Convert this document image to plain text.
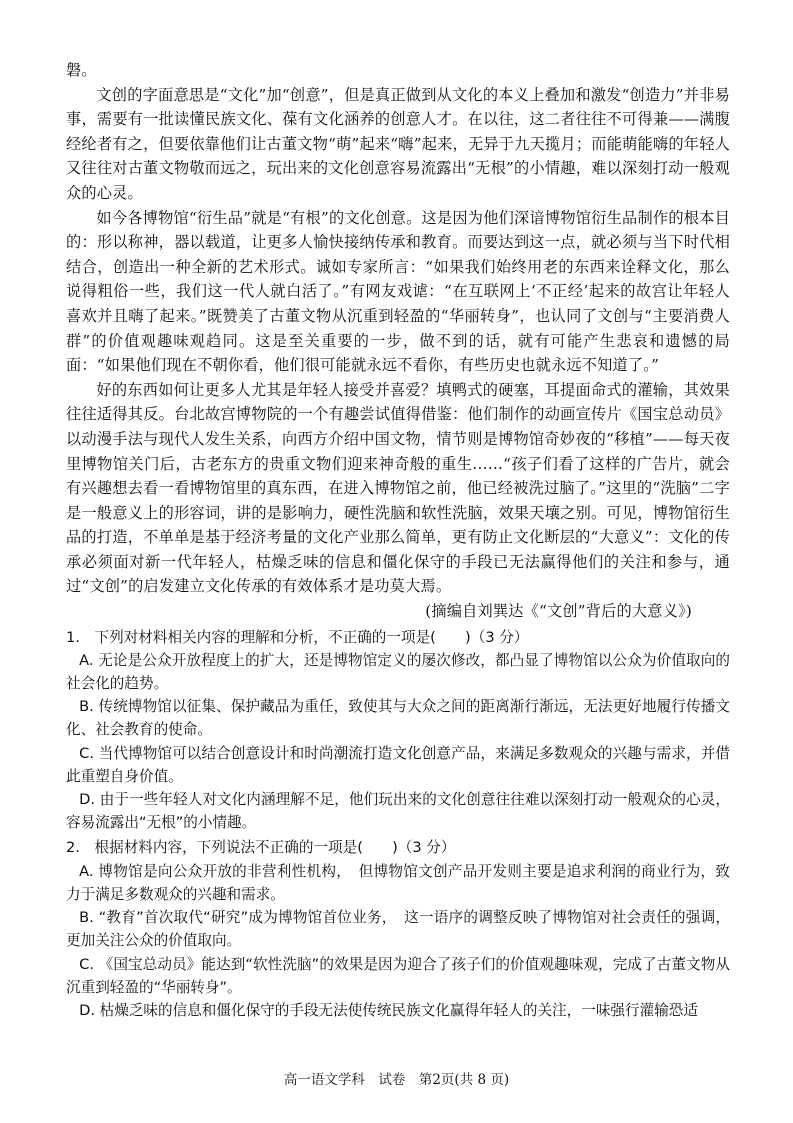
磐。

文创的字面意思是“文化”加“创意”，但是真正做到从文化的本义上叠加和激发“创造力”并非易事，需要有一批读懂民族文化、葆有文化涵养的创意人才。在以往，这二者往往不可得兼——满腹经纶者有之，但要依靠他们让古董文物“萌”起来“嗨”起来，无异于九天揽月；而能萌能嗨的年轻人又往往对古董文物敬而远之，玩出来的文化创意容易流露出“无根”的小情趣，难以深刻打动一般观众的心灵。

如今各博物馆“衍生品”就是“有根”的文化创意。这是因为他们深谙博物馆衍生品制作的根本目的：形以称神，器以载道，让更多人愉快接纳传承和教育。而要达到这一点，就必须与当下时代相结合，创造出一种全新的艺术形式。诚如专家所言：“如果我们始终用老的东西来诠释文化，那么说得粗俗一些，我们这一代人就白活了。”有网友戏谑：“在互联网上‘不正经’起来的故宫让年轻人喜欢并且嗨了起来。”既赞美了古董文物从沉重到轻盈的“华丽转身”，也认同了文创与“主要消费人群”的价值观趣味观趋同。这是至关重要的一步，做不到的话，就有可能产生悲哀和遗憾的局面：“如果他们现在不朝你看，他们很可能就永远不看你，有些历史也就永远不知道了。”

好的东西如何让更多人尤其是年轻人接受并喜爱？填鸭式的硬塞，耳提面命式的灌输，其效果往往适得其反。台北故宫博物院的一个有趣尝试值得借鉴：他们制作的动画宣传片《国宝总动员》以动漫手法与现代人发生关系，向西方介绍中国文物，情节则是博物馆奇妙夜的“移植”——每天夜里博物馆关门后，古老东方的贵重文物们迎来神奇般的重生……“孩子们看了这样的广告片，就会有兴趣想去看一看博物馆里的真东西，在进入博物馆之前，他已经被洗过脑了。”这里的“洗脑”二字是一般意义上的形容词，讲的是影响力，硬性洗脑和软性洗脑，效果天壤之别。可见，博物馆衍生品的打造，不单单是基于经济考量的文化产业那么简单，更有防止文化断层的“大意义”：文化的传承必须面对新一代年轻人，枯燥乏味的信息和僵化保守的手段已无法赢得他们的关注和参与，通过“文创”的启发建立文化传承的有效体系才是功莫大焉。

(摘编自刘巽达《“文创”背后的大意义》)

1.　下列对材料相关内容的理解和分析，不正确的一项是(　　)（3 分）

A. 无论是公众开放程度上的扩大，还是博物馆定义的屡次修改，都凸显了博物馆以公众为价值取向的社会化的趋势。

B. 传统博物馆以征集、保护藏品为重任，致使其与大众之间的距离渐行渐远，无法更好地履行传播文化、社会教育的使命。

C. 当代博物馆可以结合创意设计和时尚潮流打造文化创意产品，来满足多数观众的兴趣与需求，并借此重塑自身价值。

D. 由于一些年轻人对文化内涵理解不足，他们玩出来的文化创意往往难以深刻打动一般观众的心灵，容易流露出“无根”的小情趣。

2.　根据材料内容，下列说法不正确的一项是(　　)（3 分）

A. 博物馆是向公众开放的非营利性机构，　但博物馆文创产品开发则主要是追求利润的商业行为，致力于满足多数观众的兴趣和需求。

B. “教育”首次取代“研究”成为博物馆首位业务，　这一语序的调整反映了博物馆对社会责任的强调，更加关注公众的价值取向。

C. 《国宝总动员》能达到“软性洗脑”的效果是因为迎合了孩子们的价值观趣味观，完成了古董文物从沉重到轻盈的“华丽转身”。

D. 枯燥乏味的信息和僵化保守的手段无法使传统民族文化赢得年轻人的关注，一味强行灌输恐适

高一语文学科　试卷　第2页(共 8 页)
